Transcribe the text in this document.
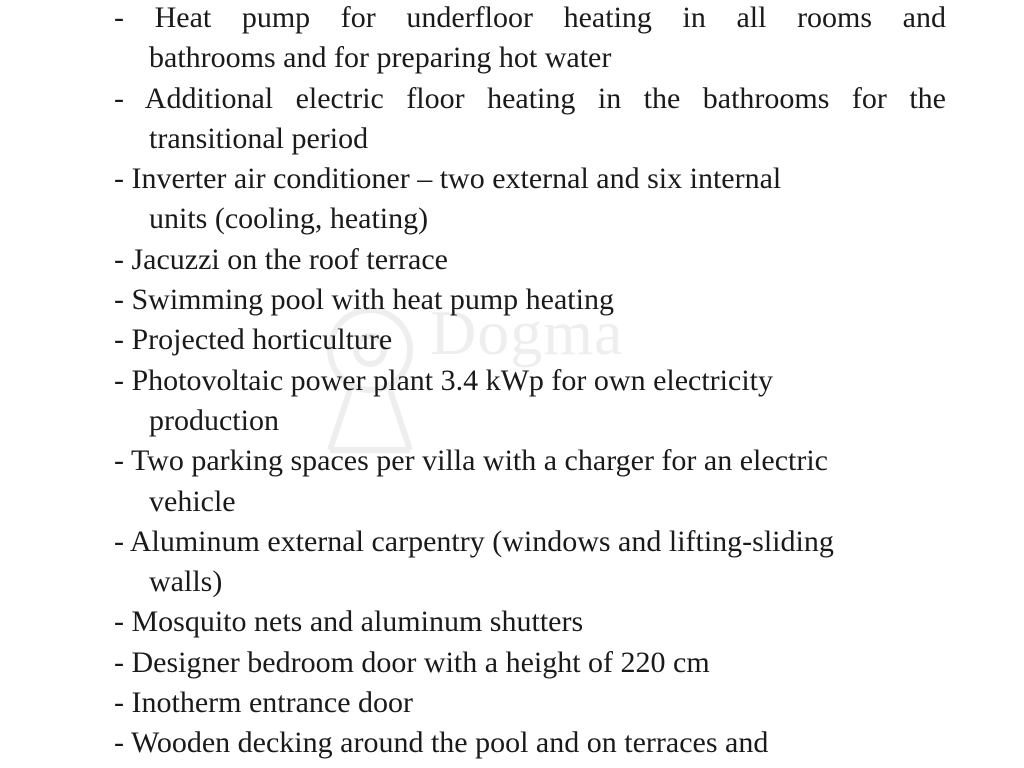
Dogma
- Heat pump for underfloor heating in all rooms and
bathrooms and for preparing hot water
- Additional electric floor heating in the bathrooms for the
transitional period
- Inverter air conditioner – two external and six internal
units (cooling, heating)
- Jacuzzi on the roof terrace
- Swimming pool with heat pump heating
- Projected horticulture
- Photovoltaic power plant 3.4 kWp for own electricity
production
- Two parking spaces per villa with a charger for an electric
vehicle
- Aluminum external carpentry (windows and lifting-sliding
walls)
- Mosquito nets and aluminum shutters
- Designer bedroom door with a height of 220 cm
- Inotherm entrance door
- Wooden decking around the pool and on terraces and
